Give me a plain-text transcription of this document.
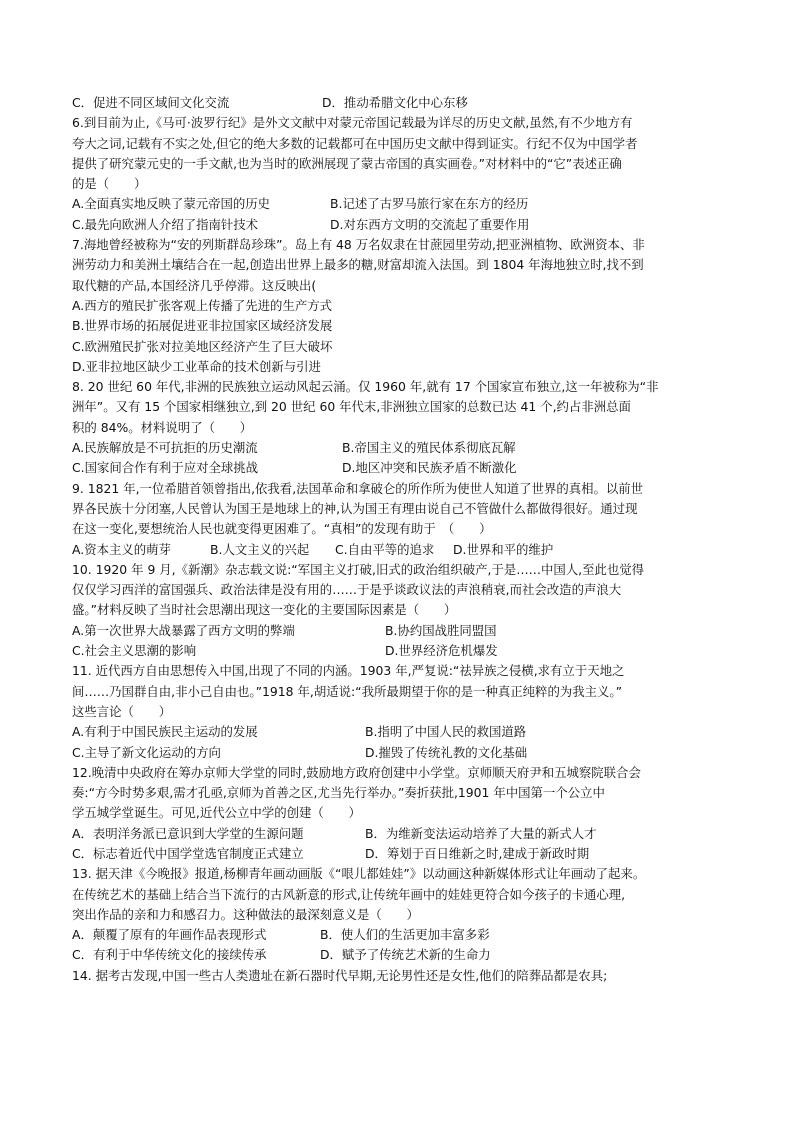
C．促进不同区域间文化交流	D．推动希腊文化中心东移
6.到目前为止,《马可·波罗行纪》是外文文献中对蒙元帝国记载最为详尽的历史文献,虽然,有不少地方有
夸大之词,记载有不实之处,但它的绝大多数的记载都可在中国历史文献中得到证实。行纪不仅为中国学者
提供了研究蒙元史的一手文献,也为当时的欧洲展现了蒙古帝国的真实画卷。”对材料中的“它”表述正确
的是（　　）
A.全面真实地反映了蒙元帝国的历史	B.记述了古罗马旅行家在东方的经历
C.最先向欧洲人介绍了指南针技术	D.对东西方文明的交流起了重要作用
7.海地曾经被称为“安的列斯群岛珍珠”。岛上有 48 万名奴隶在甘蔗园里劳动,把亚洲植物、欧洲资本、非
洲劳动力和美洲土壤结合在一起,创造出世界上最多的糖,财富却流入法国。到 1804 年海地独立时,找不到
取代糖的产品,本国经济几乎停滞。这反映出(
A.西方的殖民扩张客观上传播了先进的生产方式
B.世界市场的拓展促进亚非拉国家区域经济发展
C.欧洲殖民扩张对拉美地区经济产生了巨大破坏
D.亚非拉地区缺少工业革命的技术创新与引进
8. 20 世纪 60 年代,非洲的民族独立运动风起云涌。仅 1960 年,就有 17 个国家宣布独立,这一年被称为“非
洲年”。又有 15 个国家相继独立,到 20 世纪 60 年代末,非洲独立国家的总数已达 41 个,约占非洲总面
积的 84%。材料说明了（　　）
A.民族解放是不可抗拒的历史潮流	B.帝国主义的殖民体系彻底瓦解
C.国家间合作有利于应对全球挑战	D.地区冲突和民族矛盾不断激化
9. 1821 年,一位希腊首领曾指出,依我看,法国革命和拿破仑的所作所为使世人知道了世界的真相。以前世
界各民族十分闭塞,人民曾认为国王是地球上的神,认为国王有理由说自己不管做什么都做得很好。通过现
在这一变化,要想统治人民也就变得更困难了。“真相”的发现有助于　（　　）
A.资本主义的萌芽	B.人文主义的兴起	C.自由平等的追求	D.世界和平的维护
10. 1920 年 9 月,《新潮》杂志载文说:“军国主义打破,旧式的政治组织破产,于是……中国人,至此也觉得
仅仅学习西洋的富国强兵、政治法律是没有用的……于是乎谈政议法的声浪稍衰,而社会改造的声浪大
盛。”材料反映了当时社会思潮出现这一变化的主要国际因素是（　　）
A.第一次世界大战暴露了西方文明的弊端	B.协约国战胜同盟国
C.社会主义思潮的影响	D.世界经济危机爆发
11. 近代西方自由思想传入中国,出现了不同的内涵。1903 年,严复说:“祛异族之侵横,求有立于天地之
间……乃国群自由,非小己自由也。”1918 年,胡适说:“我所最期望于你的是一种真正纯粹的为我主义。”
这些言论（　　）
A.有利于中国民族民主运动的发展	B.指明了中国人民的救国道路
C.主导了新文化运动的方向	D.摧毁了传统礼教的文化基础
12.晚清中央政府在筹办京师大学堂的同时,鼓励地方政府创建中小学堂。京师顺天府尹和五城察院联合会
奏:“方今时势多艰,需才孔亟,京师为首善之区,尤当先行举办。”奏折获批,1901 年中国第一个公立中
学五城学堂诞生。可见,近代公立中学的创建（　　）
A．表明洋务派已意识到大学堂的生源问题	B．为维新变法运动培养了大量的新式人才
C．标志着近代中国学堂选官制度正式建立	D．筹划于百日维新之时,建成于新政时期
13. 据天津《今晚报》报道,杨柳青年画动画版《“哏儿都娃娃”》以动画这种新媒体形式让年画动了起来。
在传统艺术的基础上结合当下流行的古风新意的形式,让传统年画中的娃娃更符合如今孩子的卡通心理,
突出作品的亲和力和感召力。这种做法的最深刻意义是（　　）
A．颠覆了原有的年画作品表现形式	B．使人们的生活更加丰富多彩
C．有利于中华传统文化的接续传承	D．赋予了传统艺术新的生命力
14. 据考古发现,中国一些古人类遗址在新石器时代早期,无论男性还是女性,他们的陪葬品都是农具;
